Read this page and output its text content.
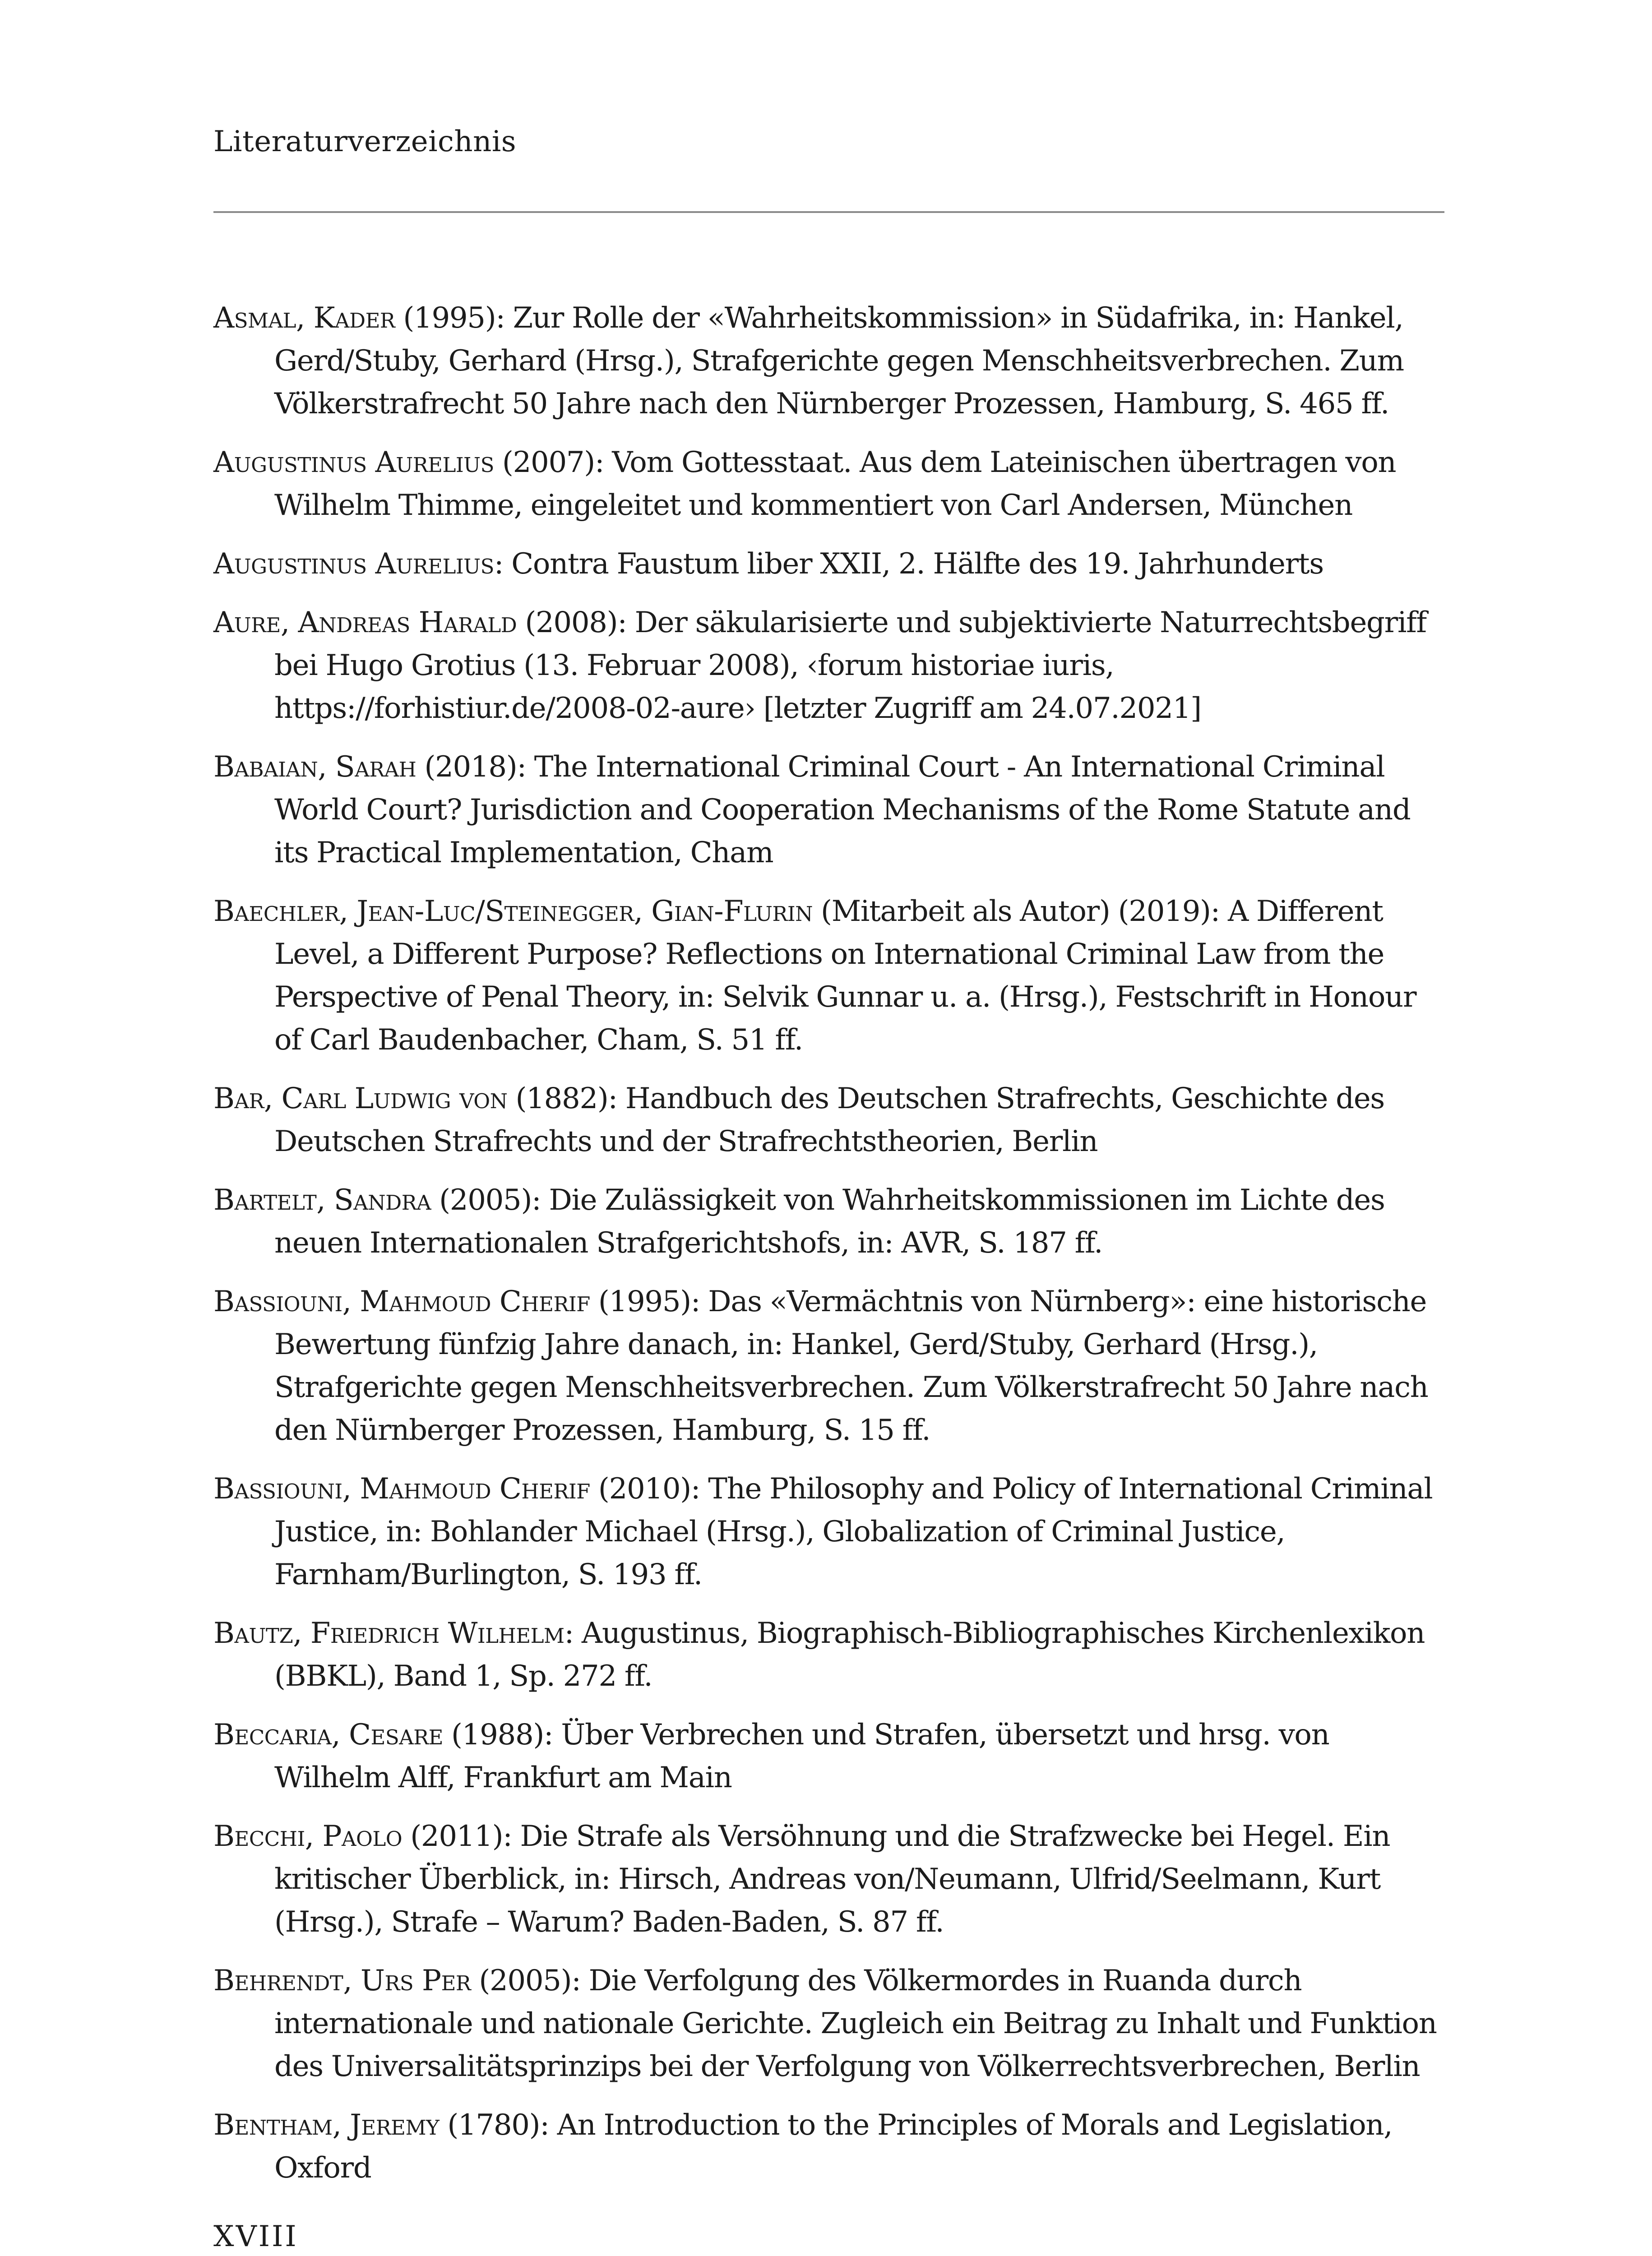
Literaturverzeichnis

Asmal, Kader (1995): Zur Rolle der «Wahrheitskommission» in Südafrika, in: Hankel, Gerd/Stuby, Gerhard (Hrsg.), Strafgerichte gegen Menschheitsverbrechen. Zum Völkerstrafrecht 50 Jahre nach den Nürnberger Prozessen, Hamburg, S. 465 ff.

Augustinus Aurelius (2007): Vom Gottesstaat. Aus dem Lateinischen übertragen von Wilhelm Thimme, eingeleitet und kommentiert von Carl Andersen, München

Augustinus Aurelius: Contra Faustum liber XXII, 2. Hälfte des 19. Jahrhunderts

Aure, Andreas Harald (2008): Der säkularisierte und subjektivierte Naturrechtsbegriff bei Hugo Grotius (13. Februar 2008), ‹forum historiae iuris, https://forhistiur.de/2008-02-aure› [letzter Zugriff am 24.07.2021]

Babaian, Sarah (2018): The International Criminal Court - An International Criminal World Court? Jurisdiction and Cooperation Mechanisms of the Rome Statute and its Practical Implementation, Cham

Baechler, Jean-Luc/Steinegger, Gian-Flurin (Mitarbeit als Autor) (2019): A Different Level, a Different Purpose? Reflections on International Criminal Law from the Perspective of Penal Theory, in: Selvik Gunnar u. a. (Hrsg.), Festschrift in Honour of Carl Baudenbacher, Cham, S. 51 ff.

Bar, Carl Ludwig von (1882): Handbuch des Deutschen Strafrechts, Geschichte des Deutschen Strafrechts und der Strafrechtstheorien, Berlin

Bartelt, Sandra (2005): Die Zulässigkeit von Wahrheitskommissionen im Lichte des neuen Internationalen Strafgerichtshofs, in: AVR, S. 187 ff.

Bassiouni, Mahmoud Cherif (1995): Das «Vermächtnis von Nürnberg»: eine historische Bewertung fünfzig Jahre danach, in: Hankel, Gerd/Stuby, Gerhard (Hrsg.), Strafgerichte gegen Menschheitsverbrechen. Zum Völkerstrafrecht 50 Jahre nach den Nürnberger Prozessen, Hamburg, S. 15 ff.

Bassiouni, Mahmoud Cherif (2010): The Philosophy and Policy of International Criminal Justice, in: Bohlander Michael (Hrsg.), Globalization of Criminal Justice, Farnham/Burlington, S. 193 ff.

Bautz, Friedrich Wilhelm: Augustinus, Biographisch-Bibliographisches Kirchenlexikon (BBKL), Band 1, Sp. 272 ff.

Beccaria, Cesare (1988): Über Verbrechen und Strafen, übersetzt und hrsg. von Wilhelm Alff, Frankfurt am Main

Becchi, Paolo (2011): Die Strafe als Versöhnung und die Strafzwecke bei Hegel. Ein kritischer Überblick, in: Hirsch, Andreas von/Neumann, Ulfrid/Seelmann, Kurt (Hrsg.), Strafe – Warum? Baden-Baden, S. 87 ff.

Behrendt, Urs Per (2005): Die Verfolgung des Völkermordes in Ruanda durch internationale und nationale Gerichte. Zugleich ein Beitrag zu Inhalt und Funktion des Universalitätsprinzips bei der Verfolgung von Völkerrechtsverbrechen, Berlin

Bentham, Jeremy (1780): An Introduction to the Principles of Morals and Legislation, Oxford

XVIII
